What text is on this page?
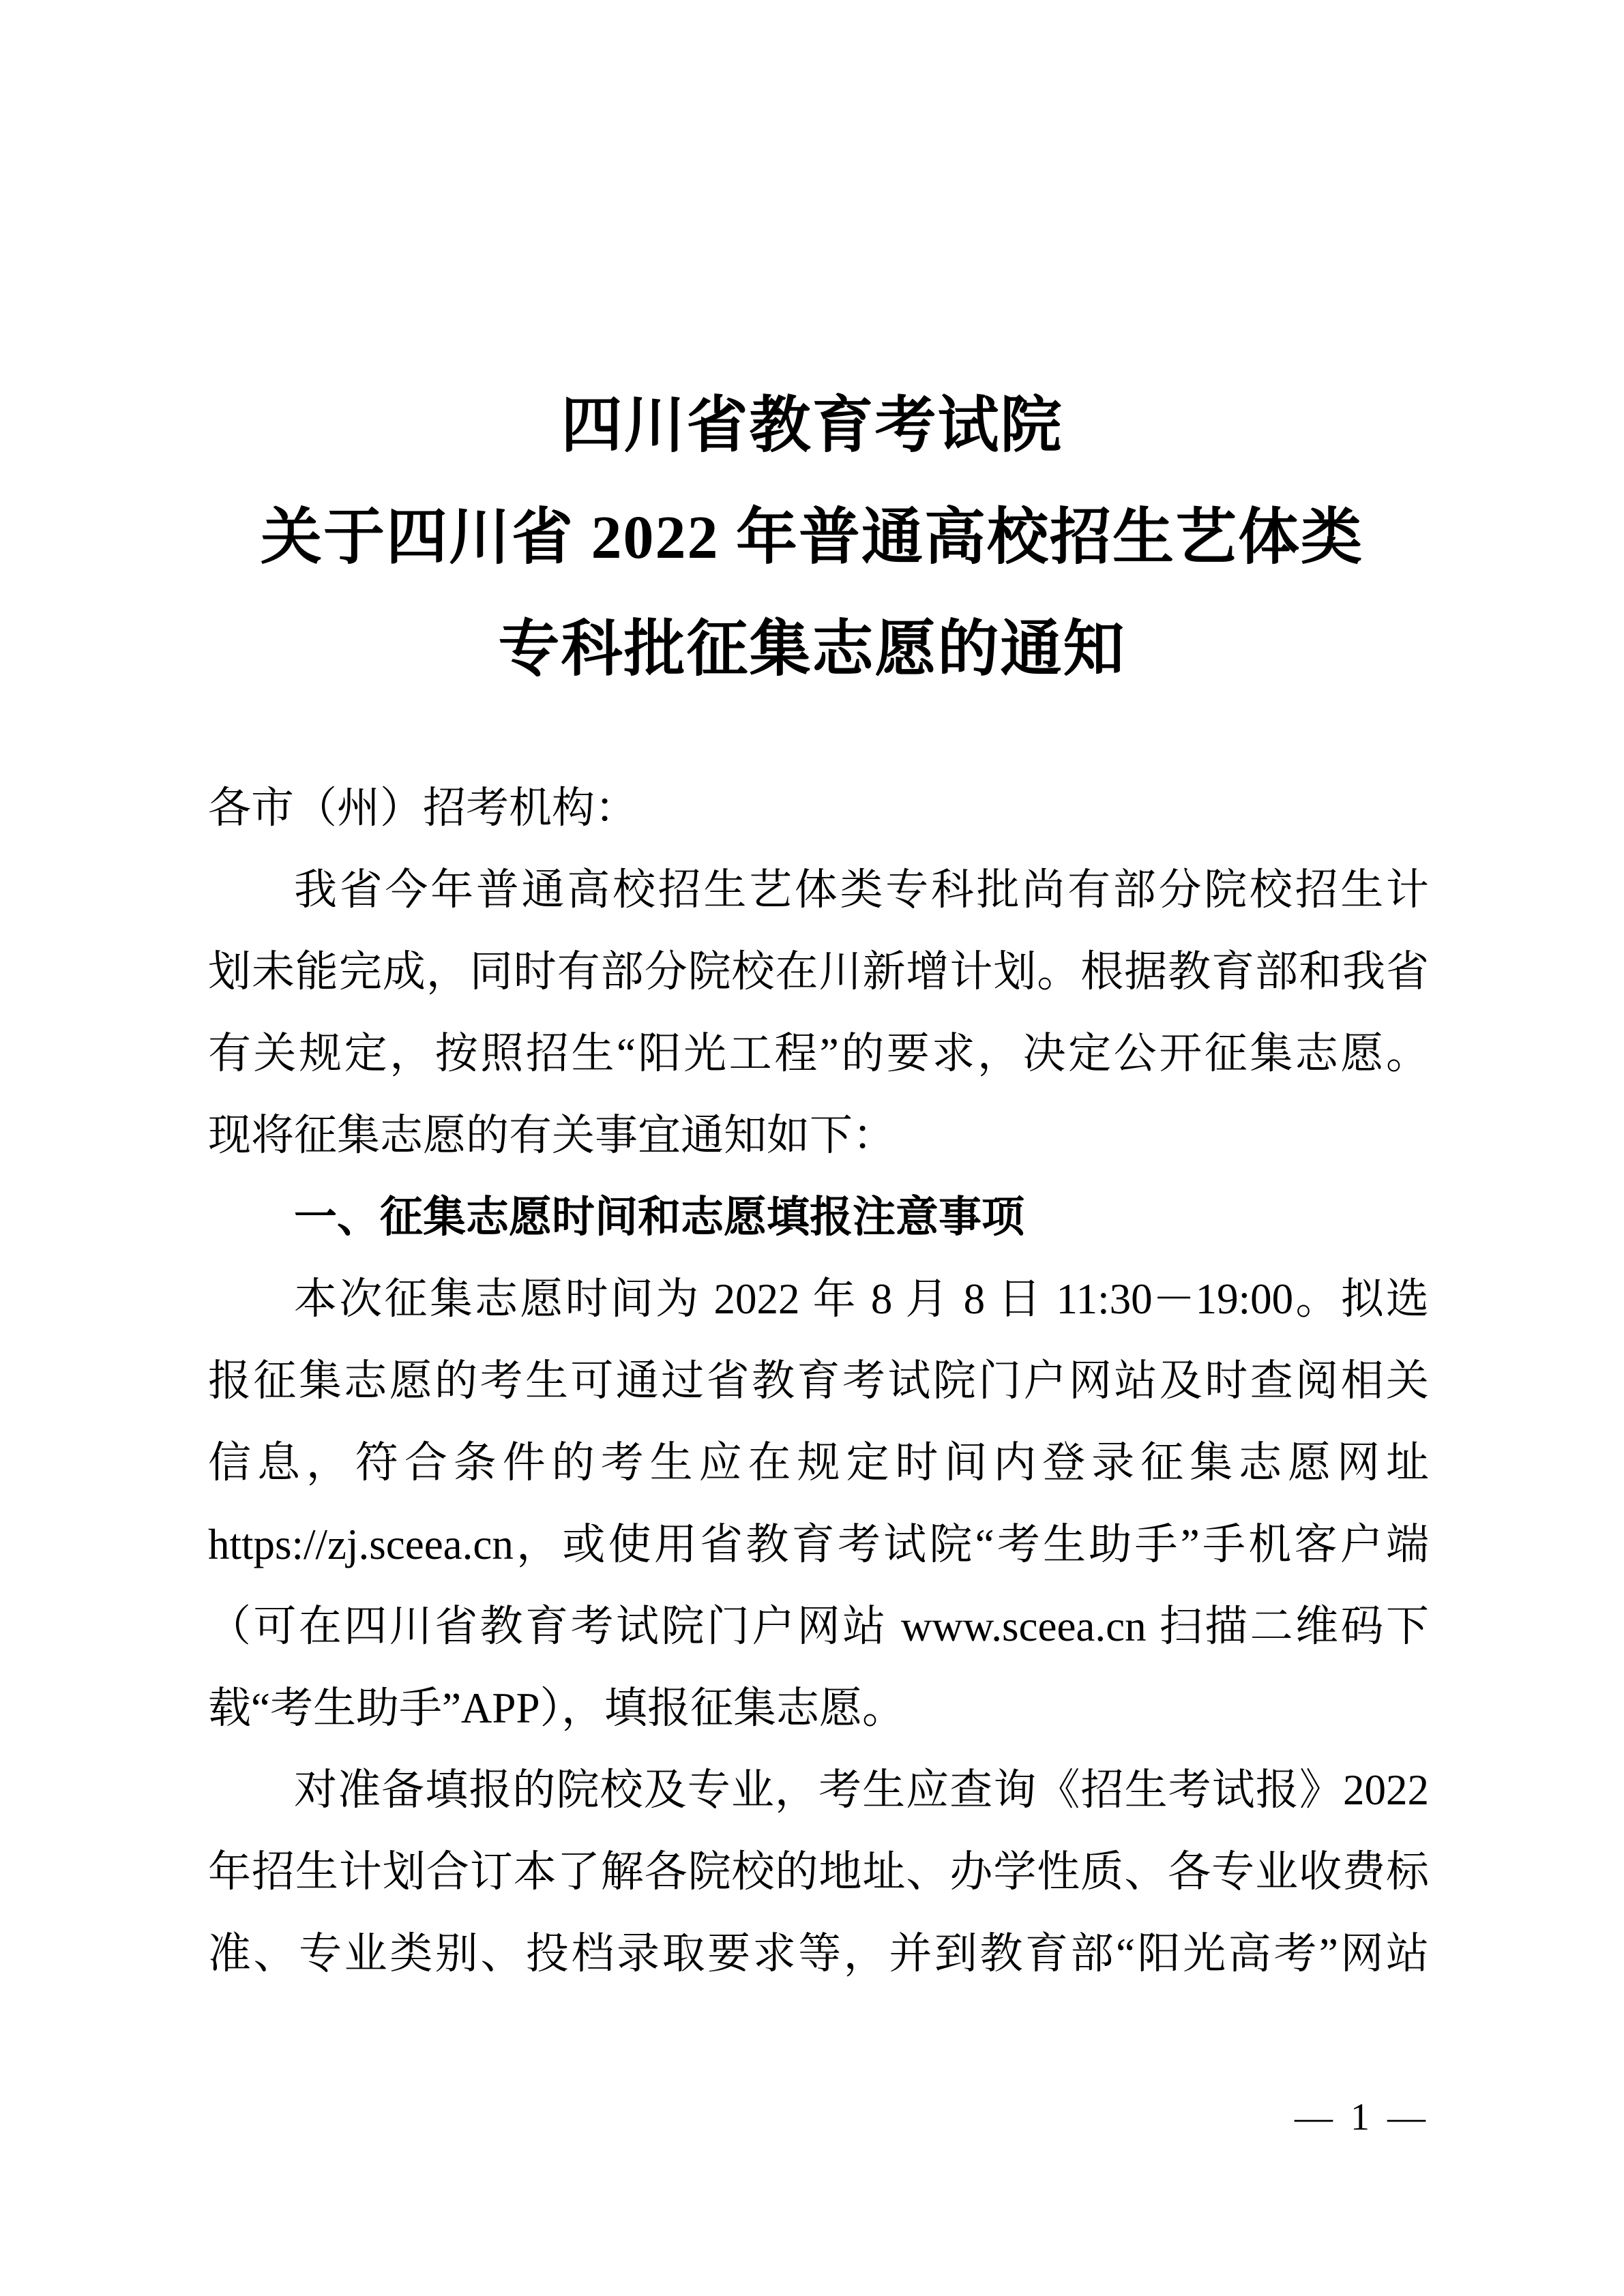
四川省教育考试院
关于四川省 2022 年普通高校招生艺体类
专科批征集志愿的通知
各市（州）招考机构：
我省今年普通高校招生艺体类专科批尚有部分院校招生计
划未能完成，同时有部分院校在川新增计划。根据教育部和我省
有关规定，按照招生“阳光工程”的要求，决定公开征集志愿。
现将征集志愿的有关事宜通知如下：
一、征集志愿时间和志愿填报注意事项
本次征集志愿时间为 2022 年 8 月 8 日 11:30－19:00。拟选
报征集志愿的考生可通过省教育考试院门户网站及时查阅相关
信息，符合条件的考生应在规定时间内登录征集志愿网址
https://zj.sceea.cn，或使用省教育考试院“考生助手”手机客户端
（可在四川省教育考试院门户网站 www.sceea.cn 扫描二维码下
载“考生助手”APP），填报征集志愿。
对准备填报的院校及专业，考生应查询《招生考试报》2022
年招生计划合订本了解各院校的地址、办学性质、各专业收费标
准、专业类别、投档录取要求等，并到教育部“阳光高考”网站
— 1 —
